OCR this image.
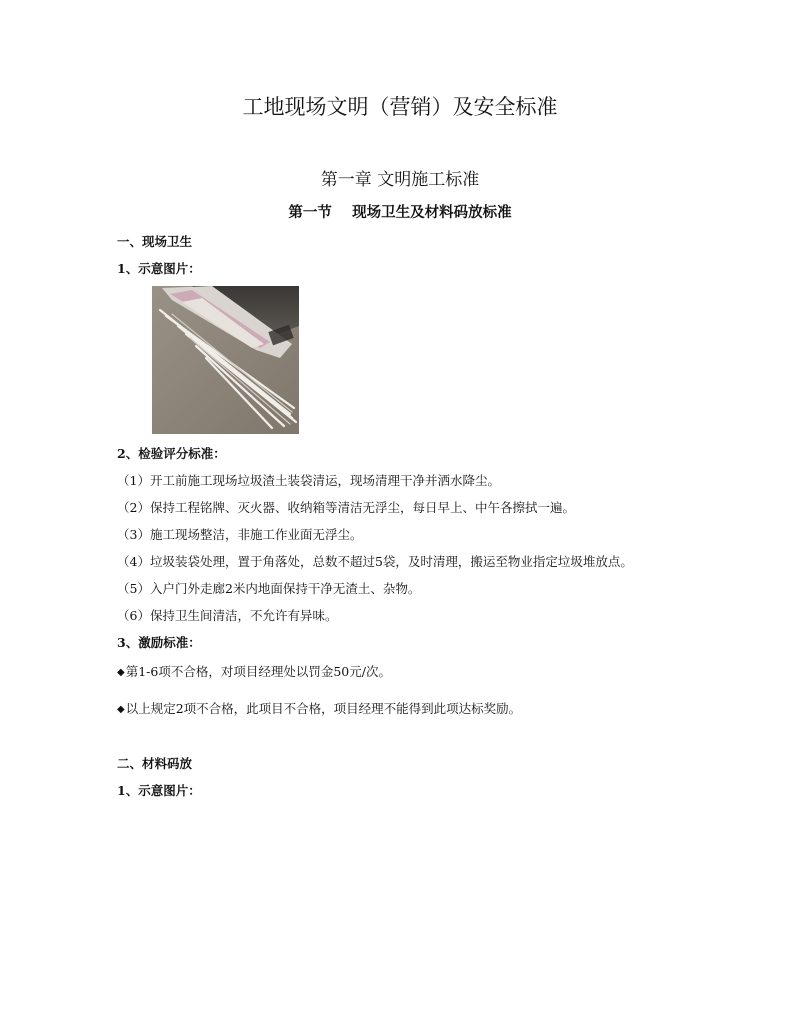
工地现场文明（营销）及安全标准
第一章 文明施工标准
第一节    现场卫生及材料码放标准
一、现场卫生
1、示意图片：
2、检验评分标准：
（1）开工前施工现场垃圾渣土装袋清运，现场清理干净并洒水降尘。
（2）保持工程铭牌、灭火器、收纳箱等清洁无浮尘，每日早上、中午各擦拭一遍。
（3）施工现场整洁，非施工作业面无浮尘。
（4）垃圾装袋处理，置于角落处，总数不超过5袋，及时清理，搬运至物业指定垃圾堆放点。
（5）入户门外走廊2米内地面保持干净无渣土、杂物。
（6）保持卫生间清洁，不允许有异味。
3、激励标准：
◆第1-6项不合格，对项目经理处以罚金50元/次。
◆以上规定2项不合格，此项目不合格，项目经理不能得到此项达标奖励。
二、材料码放
1、示意图片：
